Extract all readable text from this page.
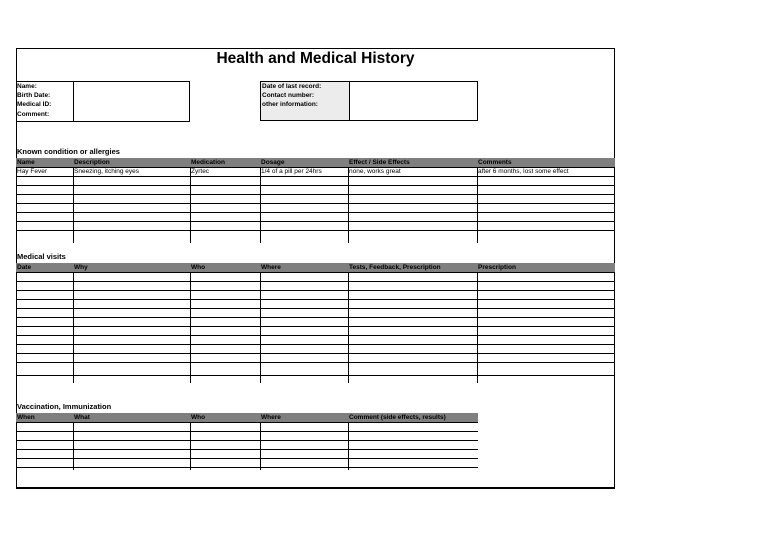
Health and Medical History
Name:
Birth Date:
Medical ID:
Comment:
Date of last record:
Contact number:
other information:
Known condition or allergies
Name	Description	Medication	Dosage	Effect / Side Effects	Comments
Hay Fever	Sneezing, itching eyes	Zyrtec	1/4 of a pill per 24hrs	none, works great	after 6 months, lost some effect
Medical visits
Date	Why	Who	Where	Tests, Feedback, Prescription	Prescription
Vaccination, Immunization
When	What	Who	Where	Comment (side effects, results)
